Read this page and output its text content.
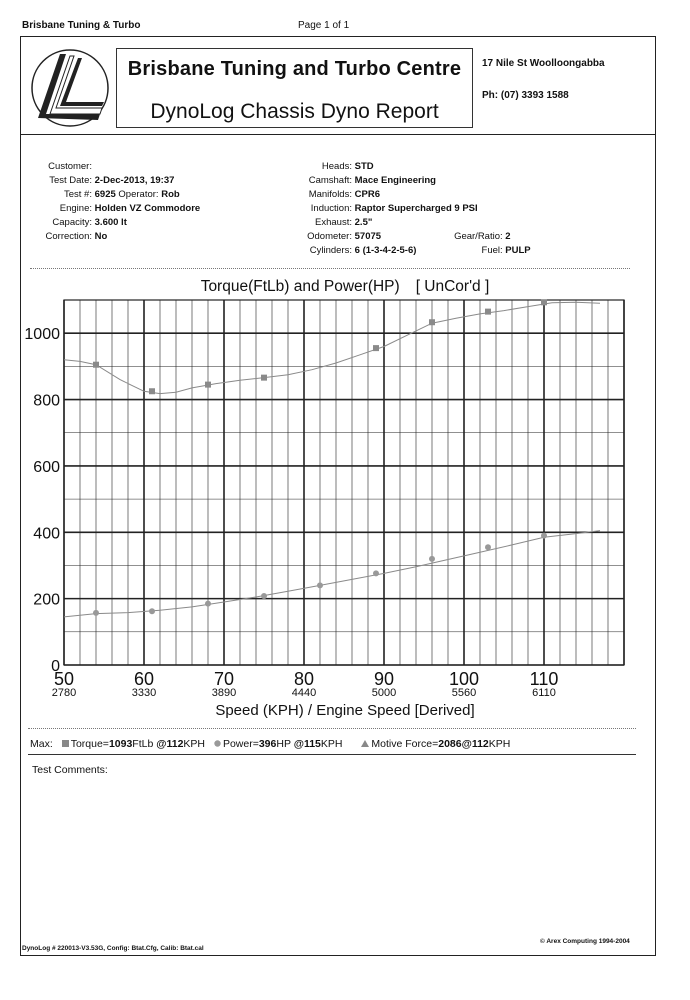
Brisbane Tuning & Turbo	Page 1 of 1
Brisbane Tuning and Turbo Centre
DynoLog Chassis Dyno Report
17 Nile St Woolloongabba
Ph: (07) 3393 1588
Customer:
Test Date: 2-Dec-2013, 19:37
Test #: 6925 Operator: Rob
Engine: Holden VZ Commodore
Capacity: 3.600 lt
Correction: No
Heads: STD
Camshaft: Mace Engineering
Manifolds: CPR6
Induction: Raptor Supercharged 9 PSI
Exhaust: 2.5"
Odometer: 57075	Gear/Ratio: 2
Cylinders: 6 (1-3-4-2-5-6)	Fuel: PULP
Torque(FtLb) and Power(HP) [ UnCor'd ]
0
200
400
600
800
1000
50
2780
60
3330
70
3890
80
4440
90
5000
100
5560
110
6110
Speed (KPH) / Engine Speed [Derived]
Max: Torque=1093FtLb @112KPH Power=396HP @115KPH	Motive Force=2086@112KPH
Test Comments:
DynoLog # 220013-V3.53G, Config: Btat.Cfg, Calib: Btat.cal
© Arex Computing 1994-2004
